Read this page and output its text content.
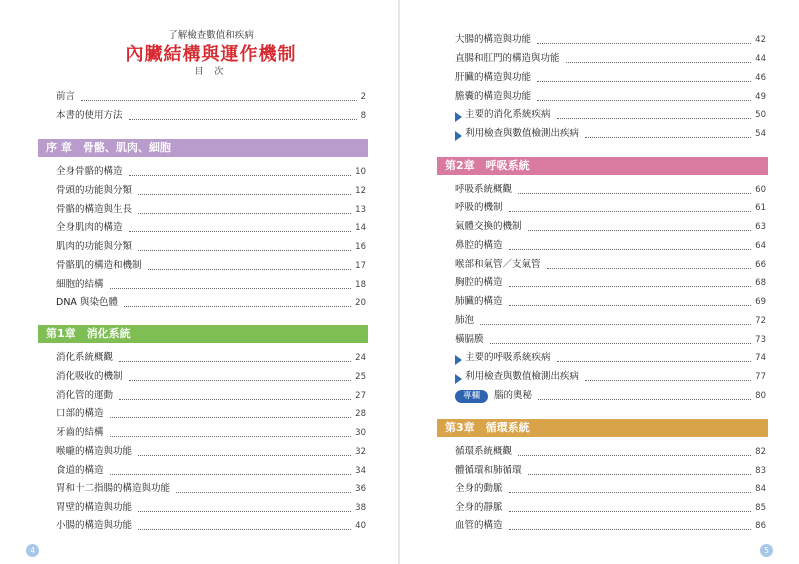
了解檢查數值和疾病
內臟結構與運作機制
目 次
前言	2
本書的使用方法	8
序 章　骨骼、肌肉、細胞
全身骨骼的構造	10
骨頭的功能與分類	12
骨骼的構造與生長	13
全身肌肉的構造	14
肌肉的功能與分類	16
骨骼肌的構造和機制	17
細胞的結構	18
DNA 與染色體	20
第1章　消化系統
消化系統概觀	24
消化吸收的機制	25
消化管的運動	27
口部的構造	28
牙齒的結構	30
喉嚨的構造與功能	32
食道的構造	34
胃和十二指腸的構造與功能	36
胃壁的構造與功能	38
小腸的構造與功能	40
4
大腸的構造與功能	42
直腸和肛門的構造與功能	44
肝臟的構造與功能	46
膽囊的構造與功能	49
主要的消化系統疾病	50
利用檢查與數值檢測出疾病	54
第2章　呼吸系統
呼吸系統概觀	60
呼吸的機制	61
氣體交換的機制	63
鼻腔的構造	64
喉部和氣管／支氣管	66
胸腔的構造	68
肺臟的構造	69
肺泡	72
橫膈膜	73
主要的呼吸系統疾病	74
利用檢查與數值檢測出疾病	77
專欄	腦的奧秘	80
第3章　循環系統
循環系統概觀	82
體循環和肺循環	83
全身的動脈	84
全身的靜脈	85
血管的構造	86
5
